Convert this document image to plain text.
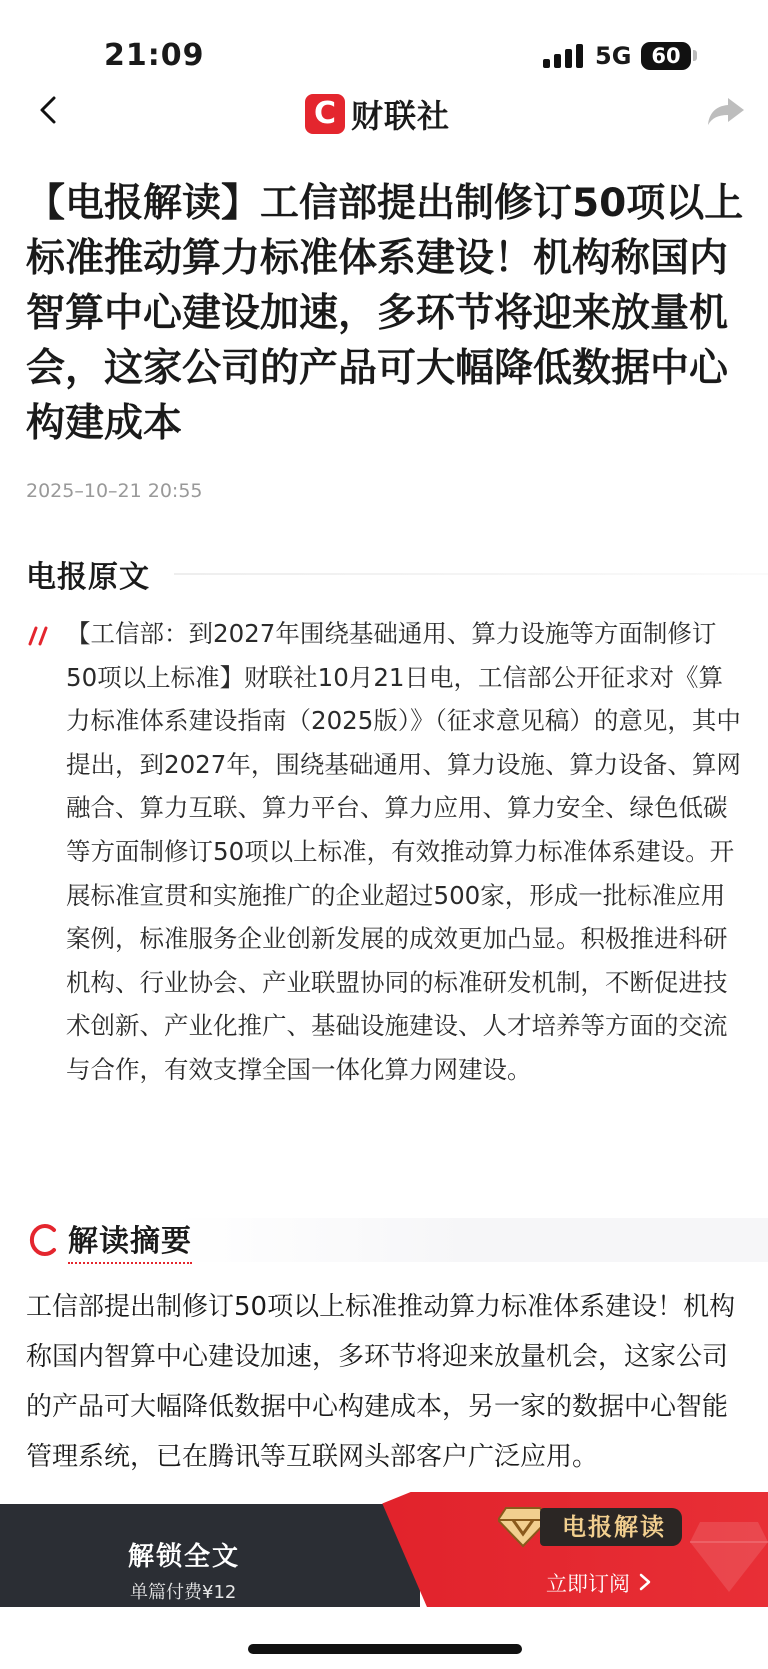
21:09	5G 60
C 财联社
【电报解读】工信部提出制修订50项以上标准推动算力标准体系建设！机构称国内智算中心建设加速，多环节将迎来放量机会，这家公司的产品可大幅降低数据中心构建成本
2025–10–21 20:55
电报原文
【工信部：到2027年围绕基础通用、算力设施等方面制修订50项以上标准】财联社10月21日电，工信部公开征求对《算力标准体系建设指南（2025版）》（征求意见稿）的意见，其中提出，到2027年，围绕基础通用、算力设施、算力设备、算网融合、算力互联、算力平台、算力应用、算力安全、绿色低碳等方面制修订50项以上标准，有效推动算力标准体系建设。开展标准宣贯和实施推广的企业超过500家，形成一批标准应用案例，标准服务企业创新发展的成效更加凸显。积极推进科研机构、行业协会、产业联盟协同的标准研发机制，不断促进技术创新、产业化推广、基础设施建设、人才培养等方面的交流与合作，有效支撑全国一体化算力网建设。
解读摘要
工信部提出制修订50项以上标准推动算力标准体系建设！机构称国内智算中心建设加速，多环节将迎来放量机会，这家公司的产品可大幅降低数据中心构建成本，另一家的数据中心智能管理系统，已在腾讯等互联网头部客户广泛应用。
解锁全文
单篇付费¥12
电报解读
立即订阅
